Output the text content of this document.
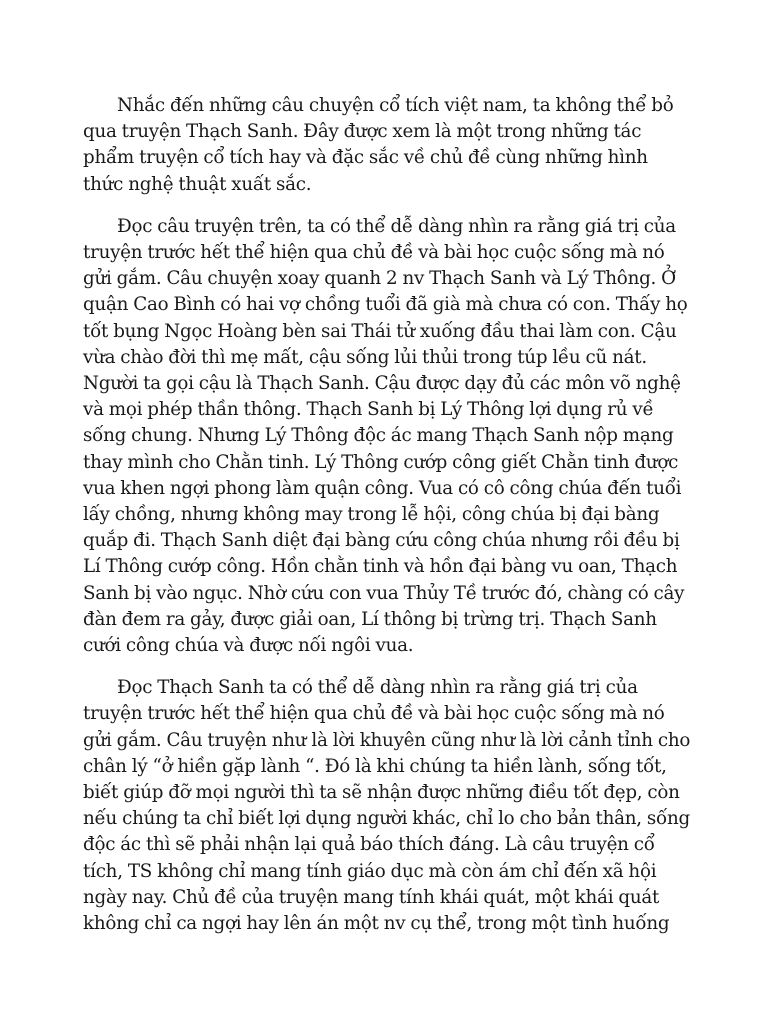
Nhắc đến những câu chuyện cổ tích việt nam, ta không thể bỏ
qua truyện Thạch Sanh. Đây được xem là một trong những tác
phẩm truyện cổ tích hay và đặc sắc về chủ đề cùng những hình
thức nghệ thuật xuất sắc.

Đọc câu truyện trên, ta có thể dễ dàng nhìn ra rằng giá trị của
truyện trước hết thể hiện qua chủ đề và bài học cuộc sống mà nó
gửi gắm. Câu chuyện xoay quanh 2 nv Thạch Sanh và Lý Thông. Ở
quận Cao Bình có hai vợ chồng tuổi đã già mà chưa có con. Thấy họ
tốt bụng Ngọc Hoàng bèn sai Thái tử xuống đầu thai làm con. Cậu
vừa chào đời thì mẹ mất, cậu sống lủi thủi trong túp lều cũ nát.
Người ta gọi cậu là Thạch Sanh. Cậu được dạy đủ các môn võ nghệ
và mọi phép thần thông. Thạch Sanh bị Lý Thông lợi dụng rủ về
sống chung. Nhưng Lý Thông độc ác mang Thạch Sanh nộp mạng
thay mình cho Chằn tinh. Lý Thông cướp công giết Chằn tinh được
vua khen ngợi phong làm quận công. Vua có cô công chúa đến tuổi
lấy chồng, nhưng không may trong lễ hội, công chúa bị đại bàng
quắp đi. Thạch Sanh diệt đại bàng cứu công chúa nhưng rồi đều bị
Lí Thông cướp công. Hồn chằn tinh và hồn đại bàng vu oan, Thạch
Sanh bị vào ngục. Nhờ cứu con vua Thủy Tề trước đó, chàng có cây
đàn đem ra gảy, được giải oan, Lí thông bị trừng trị. Thạch Sanh
cưới công chúa và được nối ngôi vua.

Đọc Thạch Sanh ta có thể dễ dàng nhìn ra rằng giá trị của
truyện trước hết thể hiện qua chủ đề và bài học cuộc sống mà nó
gửi gắm. Câu truyện như là lời khuyên cũng như là lời cảnh tỉnh cho
chân lý “ở hiền gặp lành “. Đó là khi chúng ta hiền lành, sống tốt,
biết giúp đỡ mọi người thì ta sẽ nhận được những điều tốt đẹp, còn
nếu chúng ta chỉ biết lợi dụng người khác, chỉ lo cho bản thân, sống
độc ác thì sẽ phải nhận lại quả báo thích đáng. Là câu truyện cổ
tích, TS không chỉ mang tính giáo dục mà còn ám chỉ đến xã hội
ngày nay. Chủ đề của truyện mang tính khái quát, một khái quát
không chỉ ca ngợi hay lên án một nv cụ thể, trong một tình huống
